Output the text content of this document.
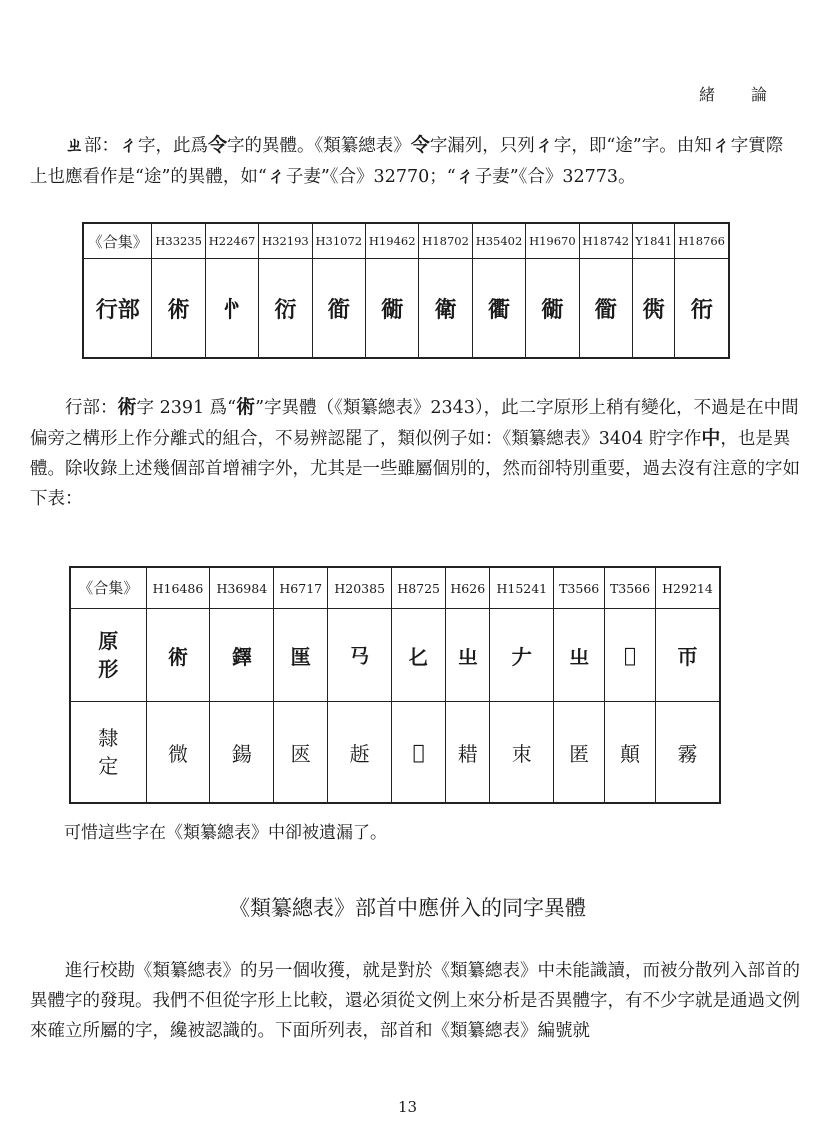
緒　論

ㄓ部：ㄔ字，此爲令字的異體。《類纂總表》令字漏列，只列ㄔ字，即“途”字。由知ㄔ字實際上也應看作是“途”的異體，如“ㄔ子妻”《合》32770；“ㄔ子妻”《合》32773。

《合集》	H33235	H22467	H32193	H31072	H19462	H18702	H35402	H19670	H18742	Y1841	H18766
行部	術	㣺	衍	衜	衚	衛	衢	衚	衟	衖	衎

行部：術字 2391 爲“術”字異體（《類纂總表》2343），此二字原形上稍有變化，不過是在中間偏旁之構形上作分離式的組合，不易辨認罷了，類似例子如：《類纂總表》3404 貯字作中，也是異體。除收錄上述幾個部首增補字外，尤其是一些雖屬個別的，然而卻特別重要，過去沒有注意的字如下表：

《合集》	H16486	H36984	H6717	H20385	H8725	H626	H15241	T3566	T3566	H29214
原形	術	鐸	匩	𢎘	𠤎	㞢	𠂇	㞢	𦓏	帀
隸定	微	鍚	匧	䞣	𥝗	耤	朿	匿	顛	霧

可惜這些字在《類纂總表》中卻被遺漏了。

《類纂總表》部首中應併入的同字異體

進行校勘《類纂總表》的另一個收獲，就是對於《類纂總表》中未能識讀，而被分散列入部首的異體字的發現。我們不但從字形上比較，還必須從文例上來分析是否異體字，有不少字就是通過文例來確立所屬的字，纔被認識的。下面所列表，部首和《類纂總表》編號就

13
